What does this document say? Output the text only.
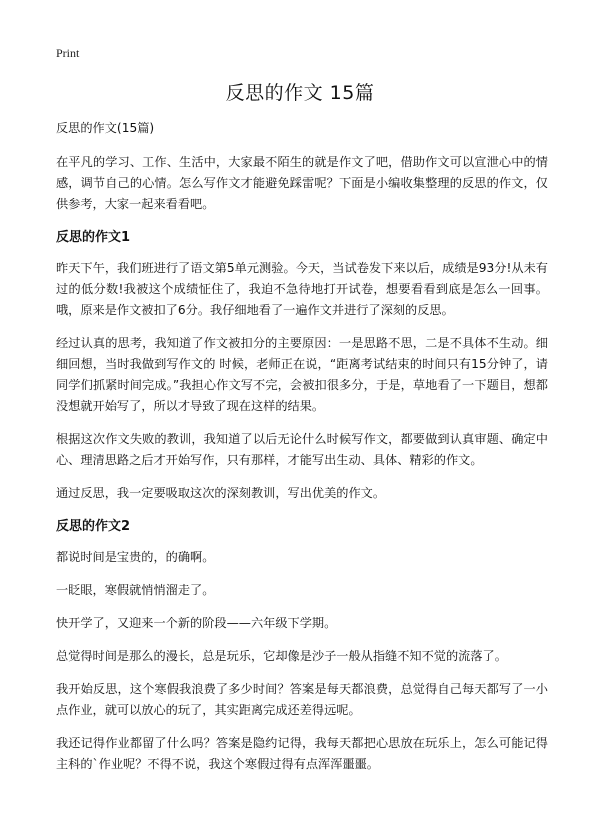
Print
反思的作文 15篇

反思的作文(15篇)

在平凡的学习、工作、生活中，大家最不陌生的就是作文了吧，借助作文可以宣泄心中的情感，调节自己的心情。怎么写作文才能避免踩雷呢？下面是小编收集整理的反思的作文，仅供参考，大家一起来看看吧。

反思的作文1

昨天下午，我们班进行了语文第5单元测验。今天，当试卷发下来以后，成绩是93分!从未有过的低分数!我被这个成绩怔住了，我迫不急待地打开试卷，想要看看到底是怎么一回事。哦，原来是作文被扣了6分。我仔细地看了一遍作文并进行了深刻的反思。

经过认真的思考，我知道了作文被扣分的主要原因：一是思路不思，二是不具体不生动。细细回想，当时我做到写作文的 时候，老师正在说，“距离考试结束的时间只有15分钟了，请同学们抓紧时间完成。”我担心作文写不完，会被扣很多分，于是，草地看了一下题目，想都没想就开始写了，所以才导致了现在这样的结果。

根据这次作文失败的教训，我知道了以后无论什么时候写作文，都要做到认真审题、确定中心、理清思路之后才开始写作，只有那样，才能写出生动、具体、精彩的作文。

通过反思，我一定要吸取这次的深刻教训，写出优美的作文。

反思的作文2

都说时间是宝贵的，的确啊。

一眨眼，寒假就悄悄溜走了。

快开学了，又迎来一个新的阶段——六年级下学期。

总觉得时间是那么的漫长，总是玩乐，它却像是沙子一般从指缝不知不觉的流落了。

我开始反思，这个寒假我浪费了多少时间？答案是每天都浪费，总觉得自己每天都写了一小点作业，就可以放心的玩了，其实距离完成还差得远呢。

我还记得作业都留了什么吗？答案是隐约记得，我每天都把心思放在玩乐上，怎么可能记得主科的`作业呢？不得不说，我这个寒假过得有点浑浑噩噩。
